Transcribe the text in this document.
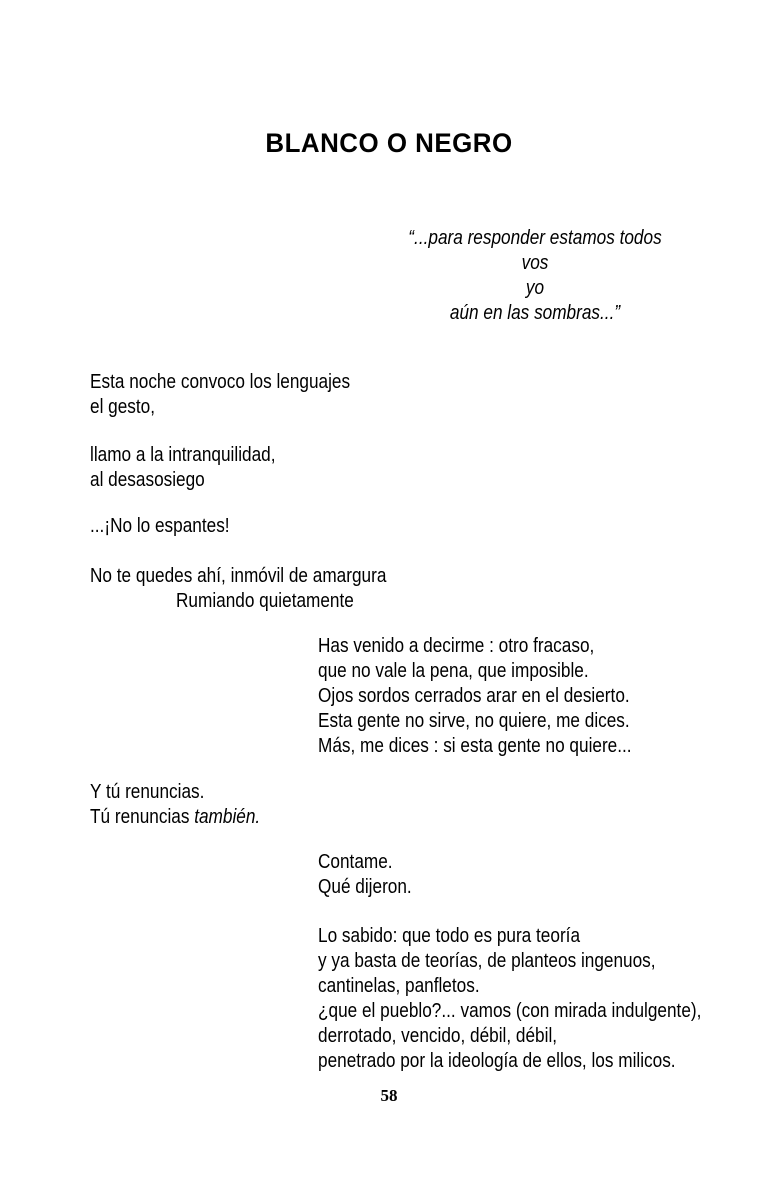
BLANCO O NEGRO
“...para responder estamos todos
vos
yo
aún en las sombras...”
Esta noche convoco los lenguajes
el gesto,
llamo a la intranquilidad,
al desasosiego
...¡No lo espantes!
No te quedes ahí, inmóvil de amargura
Rumiando quietamente
Has venido a decirme : otro fracaso,
que no vale la pena, que imposible.
Ojos sordos cerrados arar en el desierto.
Esta gente no sirve, no quiere, me dices.
Más, me dices : si esta gente no quiere...
Y tú renuncias.
Tú renuncias también.
Contame.
Qué dijeron.
Lo sabido: que todo es pura teoría
y ya basta de teorías, de planteos ingenuos,
cantinelas, panfletos.
¿que el pueblo?... vamos (con mirada indulgente),
derrotado, vencido, débil, débil,
penetrado por la ideología de ellos, los milicos.
58
